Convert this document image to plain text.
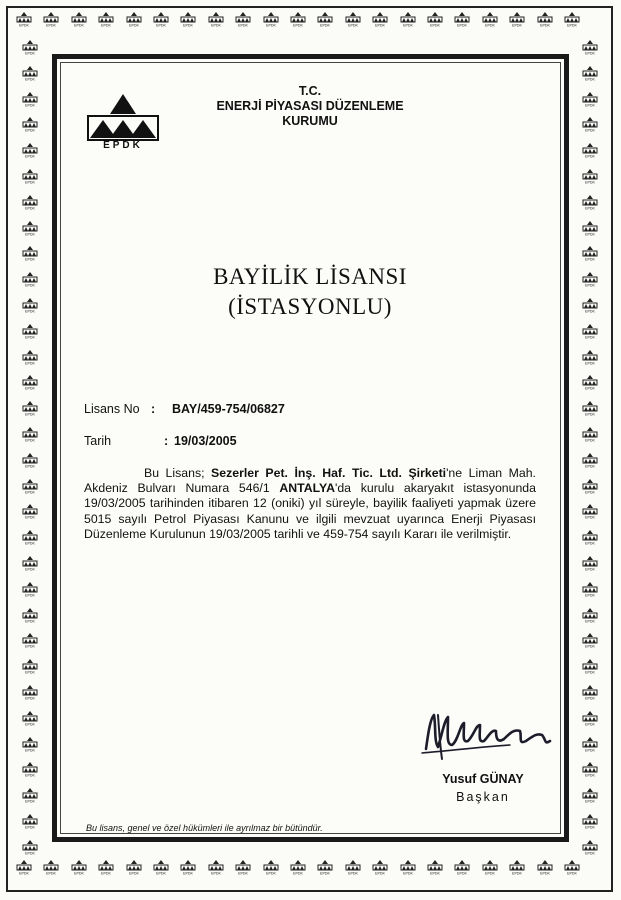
EPDK
T.C.
ENERJİ PİYASASI DÜZENLEME
KURUMU
BAYİLİK LİSANSI
(İSTASYONLU)
Lisans No : BAY/459-754/06827
Tarih	: 19/03/2005
Bu Lisans; Sezerler Pet. İnş. Haf. Tic. Ltd. Şirketi'ne Liman Mah. Akdeniz Bulvarı Numara 546/1 ANTALYA'da kurulu akaryakıt istasyonunda 19/03/2005 tarihinden itibaren 12 (oniki) yıl süreyle, bayilik faaliyeti yapmak üzere 5015 sayılı Petrol Piyasası Kanunu ve ilgili mevzuat uyarınca Enerji Piyasası Düzenleme Kurulunun 19/03/2005 tarihli ve 459-754 sayılı Kararı ile verilmiştir.
Yusuf GÜNAY
Başkan
Bu lisans, genel ve özel hükümleri ile ayrılmaz bir bütündür.
EPDK
EPDK
EPDK
EPDK
EPDK
EPDK
EPDK
EPDK
EPDK
EPDK
EPDK
EPDK
EPDK
EPDK
EPDK
EPDK
EPDK
EPDK
EPDK
EPDK
EPDK
EPDK
EPDK
EPDK
EPDK
EPDK
EPDK
EPDK
EPDK
EPDK
EPDK
EPDK
EPDK
EPDK
EPDK
EPDK
EPDK
EPDK
EPDK
EPDK
EPDK
EPDK
EPDK	EPDK
EPDK	EPDK
EPDK	EPDK
EPDK	EPDK
EPDK	EPDK
EPDK	EPDK
EPDK	EPDK
EPDK	EPDK
EPDK	EPDK
EPDK	EPDK
EPDK	EPDK
EPDK	EPDK
EPDK	EPDK
EPDK	EPDK
EPDK	EPDK
EPDK	EPDK
EPDK	EPDK
EPDK	EPDK
EPDK	EPDK
EPDK	EPDK
EPDK	EPDK
EPDK	EPDK
EPDK	EPDK
EPDK	EPDK
EPDK	EPDK
EPDK	EPDK
EPDK	EPDK
EPDK	EPDK
EPDK	EPDK
EPDK	EPDK
EPDK	EPDK
EPDK	EPDK
